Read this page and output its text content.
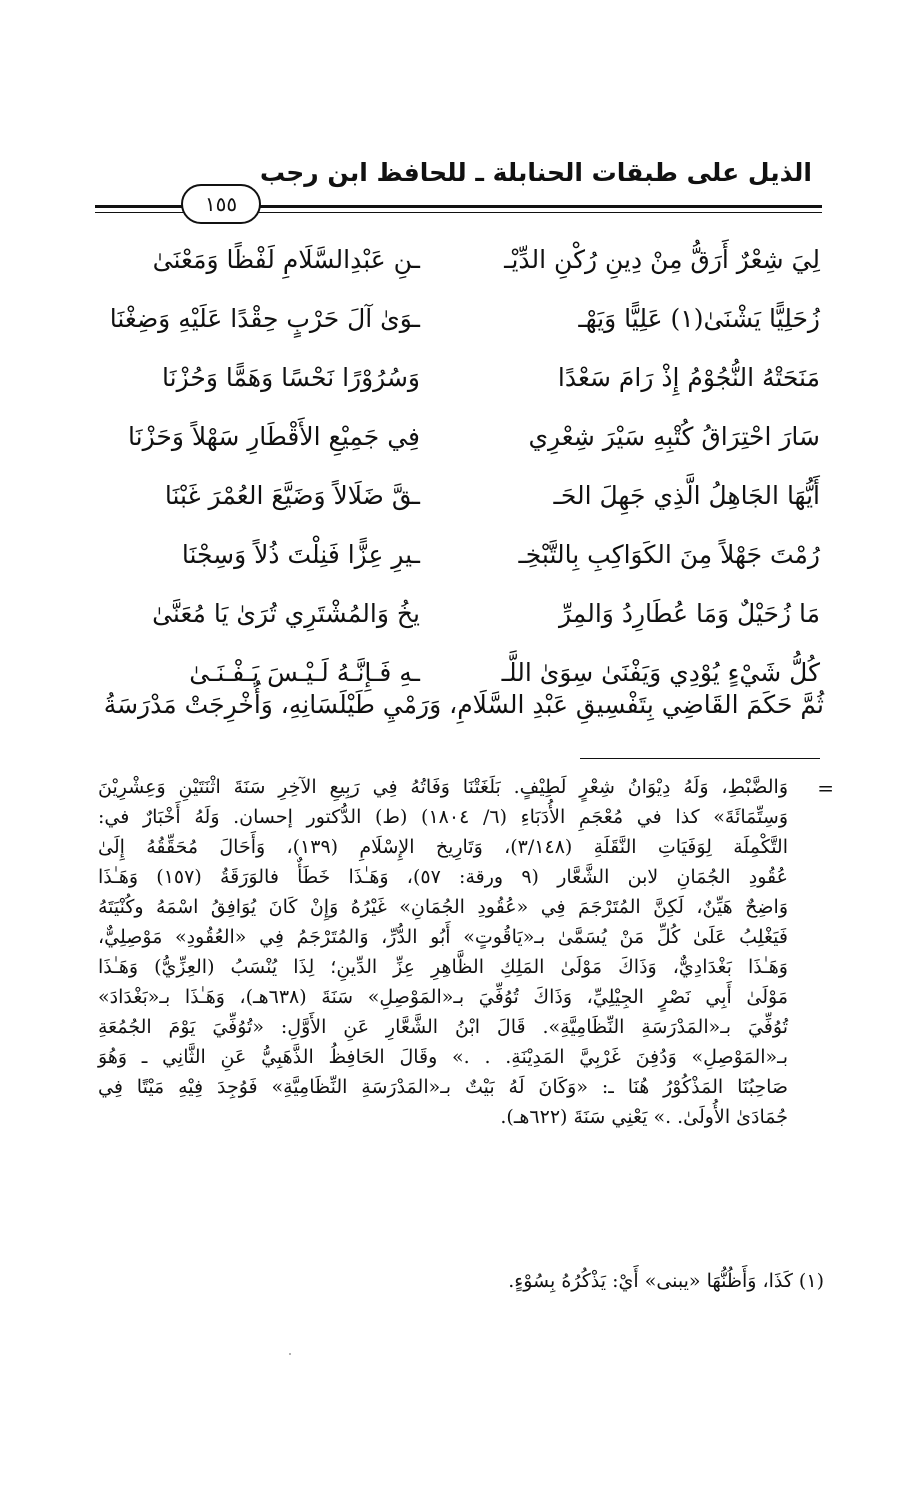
الذيل على طبقات الحنابلة ـ للحافظ ابن رجب
١٥٥
لِيَ شِعْرٌ أَرَقُّ مِنْ دِينِ رُكْنِ الدِّيْـ
ـنِ عَبْدِالسَّلَامِ لَفْظًا وَمَعْنَىٰ
زُحَلِيًّا يَشْنَىٰ(١) عَلِيًّا وَيَهْـ
ـوَىٰ آلَ حَرْبٍ حِقْدًا عَلَيْهِ وَضِغْنَا
مَنَحَتْهُ النُّجُوْمُ إِذْ رَامَ سَعْدًا
وَسُرُوْرًا نَحْسًا وَهَمًّا وَحُزْنَا
سَارَ احْتِرَاقُ كُتْبِهِ سَيْرَ شِعْرِي
فِي جَمِيْعِ الأَقْطَارِ سَهْلاً وَحَزْنَا
أَيُّهَا الجَاهِلُ الَّذِي جَهِلَ الحَـ
ـقَّ ضَلَالاً وَضَيَّعَ العُمْرَ غَبْنَا
رُمْتَ جَهْلاً مِنَ الكَوَاكِبِ بِالتَّبْخِـ
ـيرِ عِزًّا فَنِلْتَ ذُلاً وَسِجْنَا
مَا زُحَيْلٌ وَمَا عُطَارِدُ وَالمِرِّ
يخُ وَالمُشْتَرِي تُرَىٰ يَا مُعَنَّىٰ
كُلُّ شَيْءٍ يُوْدِي وَيَفْنَىٰ سِوَىٰ اللَّـ
ـهِ فَـإِنَّـهُ لَـيْـسَ يَـفْـنَـىٰ
ثُمَّ حَكَمَ القَاضِي بِتَفْسِيقِ عَبْدِ السَّلَامِ، وَرَمْيِ طَيْلَسَانِهِ، وَأُخْرِجَتْ مَدْرَسَةُ
=
وَالضَّبْطِ، وَلَهُ دِيْوَانُ شِعْرٍ لَطِيْفٍ. بَلَغَتْنَا وَفَاتُهُ فِي رَبِيعِ الآخِرِ سَنَةَ اثْنَتَيْنِ وَعِشْرِيْنَ
وَسِتِّمَائَةَ» كذا في مُعْجَمِ الأُدَبَاءِ (٦/ ١٨٠٤) (ط) الدُّكتور إحسان. وَلَهُ أَخْبَارٌ في:
التَّكْمِلَة لِوَفَيَاتِ النَّقَلَةِ (٣/١٤٨)، وَتَارِيخ الإِسْلَامِ (١٣٩)، وَأَحَالَ مُحَقِّقُهُ إِلَىٰ
عُقُودِ الجُمَانِ لابن الشَّعَّار (٩ ورقة: ٥٧)، وَهَـٰذَا خَطَأٌ فالوَرَقَةُ (١٥٧) وَهَـٰذَا
وَاضِحٌ هَيِّنٌ، لَكِنَّ المُتَرْجَمَ فِي «عُقُودِ الجُمَانِ» غَيْرُهُ وَإِنْ كَانَ يُوَافِقُ اسْمَهُ وكُنْيَتَهُ
فَيَغْلِبُ عَلَىٰ كُلِّ مَنْ يُسَمَّىٰ بـ«يَاقُوتٍ» أَبُو الدُّرِّ، وَالمُتَرْجَمُ فِي «العُقُودِ» مَوْصِلِيٌّ،
وَهَـٰذَا بَغْدَادِيٌّ، وَذَاكَ مَوْلَىٰ المَلِكِ الظَّاهِرِ عِزِّ الدِّينِ؛ لِذَا يُنْسَبُ (العِزِّيُّ) وَهَـٰذَا
مَوْلَىٰ أَبِي نَصْرٍ الجِيْلِيِّ، وَذَاكَ تُوُفِّيَ بـ«المَوْصِلِ» سَنَةَ (٦٣٨هـ)، وَهَـٰذَا بـ«بَغْدَادَ»
تُوُفِّيَ بـ«المَدْرَسَةِ النِّظَامِيَّةِ». قَالَ ابْنُ الشَّعَّارِ عَنِ الأَوَّلِ: «تُوُفِّيَ يَوْمَ الجُمُعَةِ
بـ«المَوْصِلِ» وَدُفِنَ غَرْبِيَّ المَدِيْنَةِ. . .» وقَالَ الحَافِظُ الذَّهَبِيُّ عَنِ الثَّانِي ـ وَهُوَ
صَاحِبُنَا المَذْكُوْرُ هُنَا ـ: «وَكَانَ لَهُ بَيْتٌ بـ«المَدْرَسَةِ النِّظَامِيَّةِ» فَوُجِدَ فِيْهِ مَيْتًا فِي
جُمَادَىٰ الأُولَىٰ. .» يَعْنِي سَنَةَ (٦٢٢هـ).
(١) كَذَا، وَأَظُنُّهَا «يبنى» أَيْ: يَذْكُرُهُ بِسُوْءٍ.
